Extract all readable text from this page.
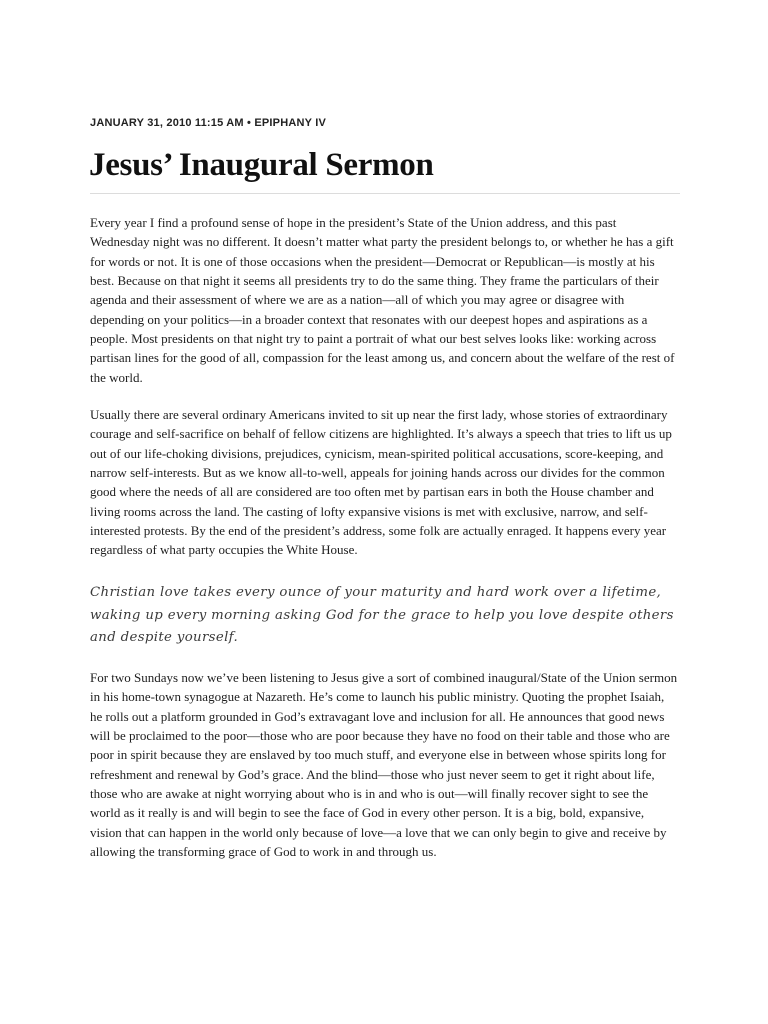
JANUARY 31, 2010 11:15 AM • EPIPHANY IV
Jesus’ Inaugural Sermon

Every year I find a profound sense of hope in the president’s State of the Union address, and this past Wednesday night was no different. It doesn’t matter what party the president belongs to, or whether he has a gift for words or not. It is one of those occasions when the president—Democrat or Republican—is mostly at his best. Because on that night it seems all presidents try to do the same thing. They frame the particulars of their agenda and their assessment of where we are as a nation—all of which you may agree or disagree with depending on your politics—in a broader context that resonates with our deepest hopes and aspirations as a people. Most presidents on that night try to paint a portrait of what our best selves looks like: working across partisan lines for the good of all, compassion for the least among us, and concern about the welfare of the rest of the world.

Usually there are several ordinary Americans invited to sit up near the first lady, whose stories of extraordinary courage and self-sacrifice on behalf of fellow citizens are highlighted. It’s always a speech that tries to lift us up out of our life-choking divisions, prejudices, cynicism, mean-spirited political accusations, score-keeping, and narrow self-interests. But as we know all-to-well, appeals for joining hands across our divides for the common good where the needs of all are considered are too often met by partisan ears in both the House chamber and living rooms across the land. The casting of lofty expansive visions is met with exclusive, narrow, and self-interested protests. By the end of the president’s address, some folk are actually enraged. It happens every year regardless of what party occupies the White House.

Christian love takes every ounce of your maturity and hard work over a lifetime, waking up every morning asking God for the grace to help you love despite others and despite yourself.

For two Sundays now we’ve been listening to Jesus give a sort of combined inaugural/State of the Union sermon in his home-town synagogue at Nazareth. He’s come to launch his public ministry. Quoting the prophet Isaiah, he rolls out a platform grounded in God’s extravagant love and inclusion for all. He announces that good news will be proclaimed to the poor—those who are poor because they have no food on their table and those who are poor in spirit because they are enslaved by too much stuff, and everyone else in between whose spirits long for refreshment and renewal by God’s grace. And the blind—those who just never seem to get it right about life, those who are awake at night worrying about who is in and who is out—will finally recover sight to see the world as it really is and will begin to see the face of God in every other person. It is a big, bold, expansive, vision that can happen in the world only because of love—a love that we can only begin to give and receive by allowing the transforming grace of God to work in and through us.
